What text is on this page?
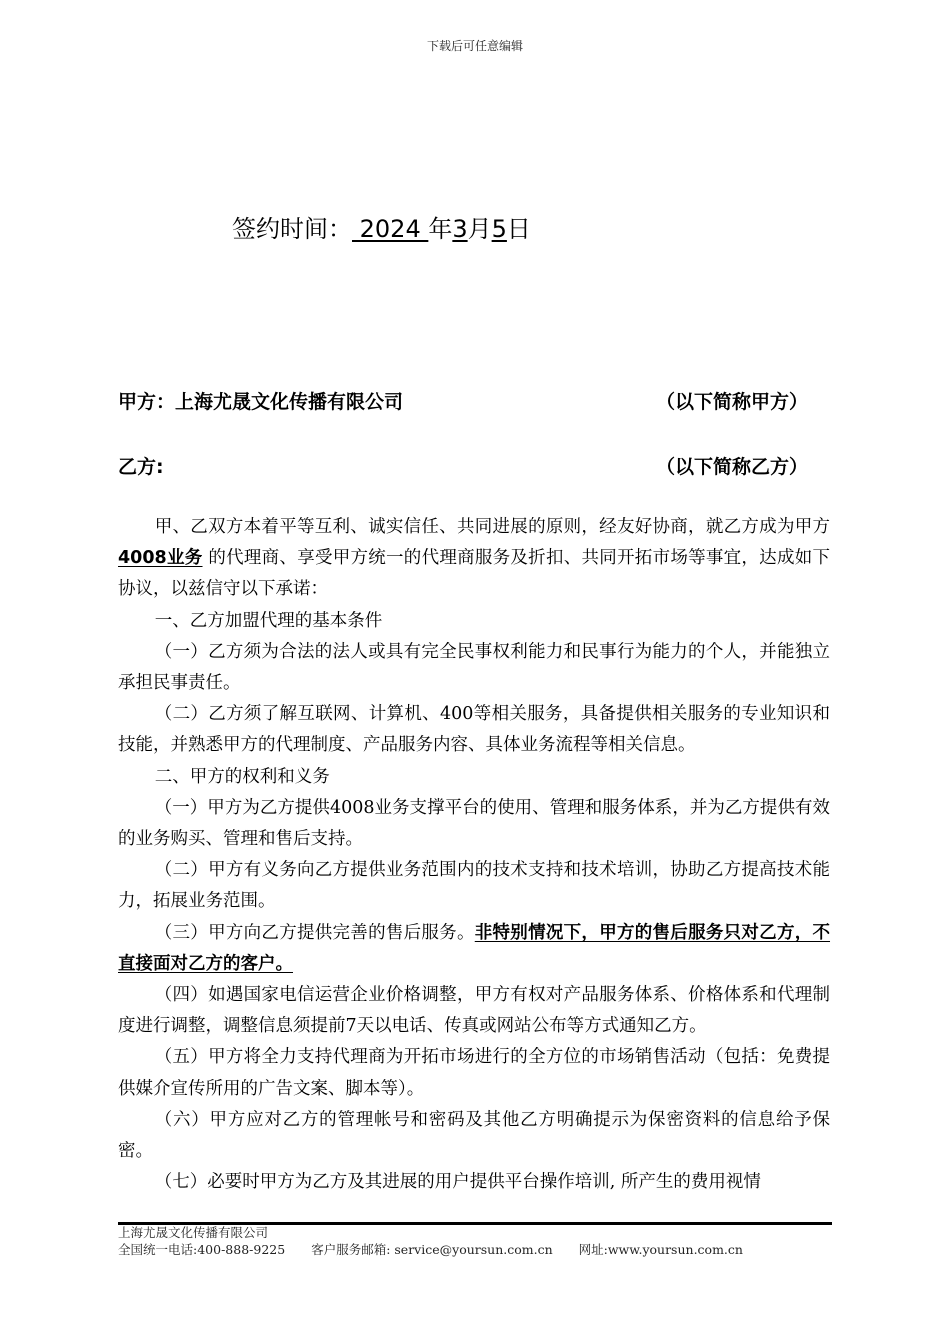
下载后可任意编辑
签约时间： 2024 年3月5日
甲方：上海尤晟文化传播有限公司	（以下简称甲方）
乙方:	（以下简称乙方）

甲、乙双方本着平等互利、诚实信任、共同进展的原则，经友好协商，就乙方成为甲方 4008业务 的代理商、享受甲方统一的代理商服务及折扣、共同开拓市场等事宜，达成如下协议，以兹信守以下承诺：

一、乙方加盟代理的基本条件

（一）乙方须为合法的法人或具有完全民事权利能力和民事行为能力的个人，并能独立承担民事责任。

（二）乙方须了解互联网、计算机、400等相关服务，具备提供相关服务的专业知识和技能，并熟悉甲方的代理制度、产品服务内容、具体业务流程等相关信息。

二、甲方的权利和义务

（一）甲方为乙方提供4008业务支撑平台的使用、管理和服务体系，并为乙方提供有效的业务购买、管理和售后支持。

（二）甲方有义务向乙方提供业务范围内的技术支持和技术培训，协助乙方提高技术能力，拓展业务范围。

（三）甲方向乙方提供完善的售后服务。非特别情况下，甲方的售后服务只对乙方，不直接面对乙方的客户。

（四）如遇国家电信运营企业价格调整，甲方有权对产品服务体系、价格体系和代理制度进行调整，调整信息须提前7天以电话、传真或网站公布等方式通知乙方。

（五）甲方将全力支持代理商为开拓市场进行的全方位的市场销售活动（包括：免费提供媒介宣传所用的广告文案、脚本等）。

（六）甲方应对乙方的管理帐号和密码及其他乙方明确提示为保密资料的信息给予保密。

（七）必要时甲方为乙方及其进展的用户提供平台操作培训, 所产生的费用视情

上海尤晟文化传播有限公司
全国统一电话:400-888-9225 客户服务邮箱: service@yoursun.com.cn 网址:www.yoursun.com.cn
